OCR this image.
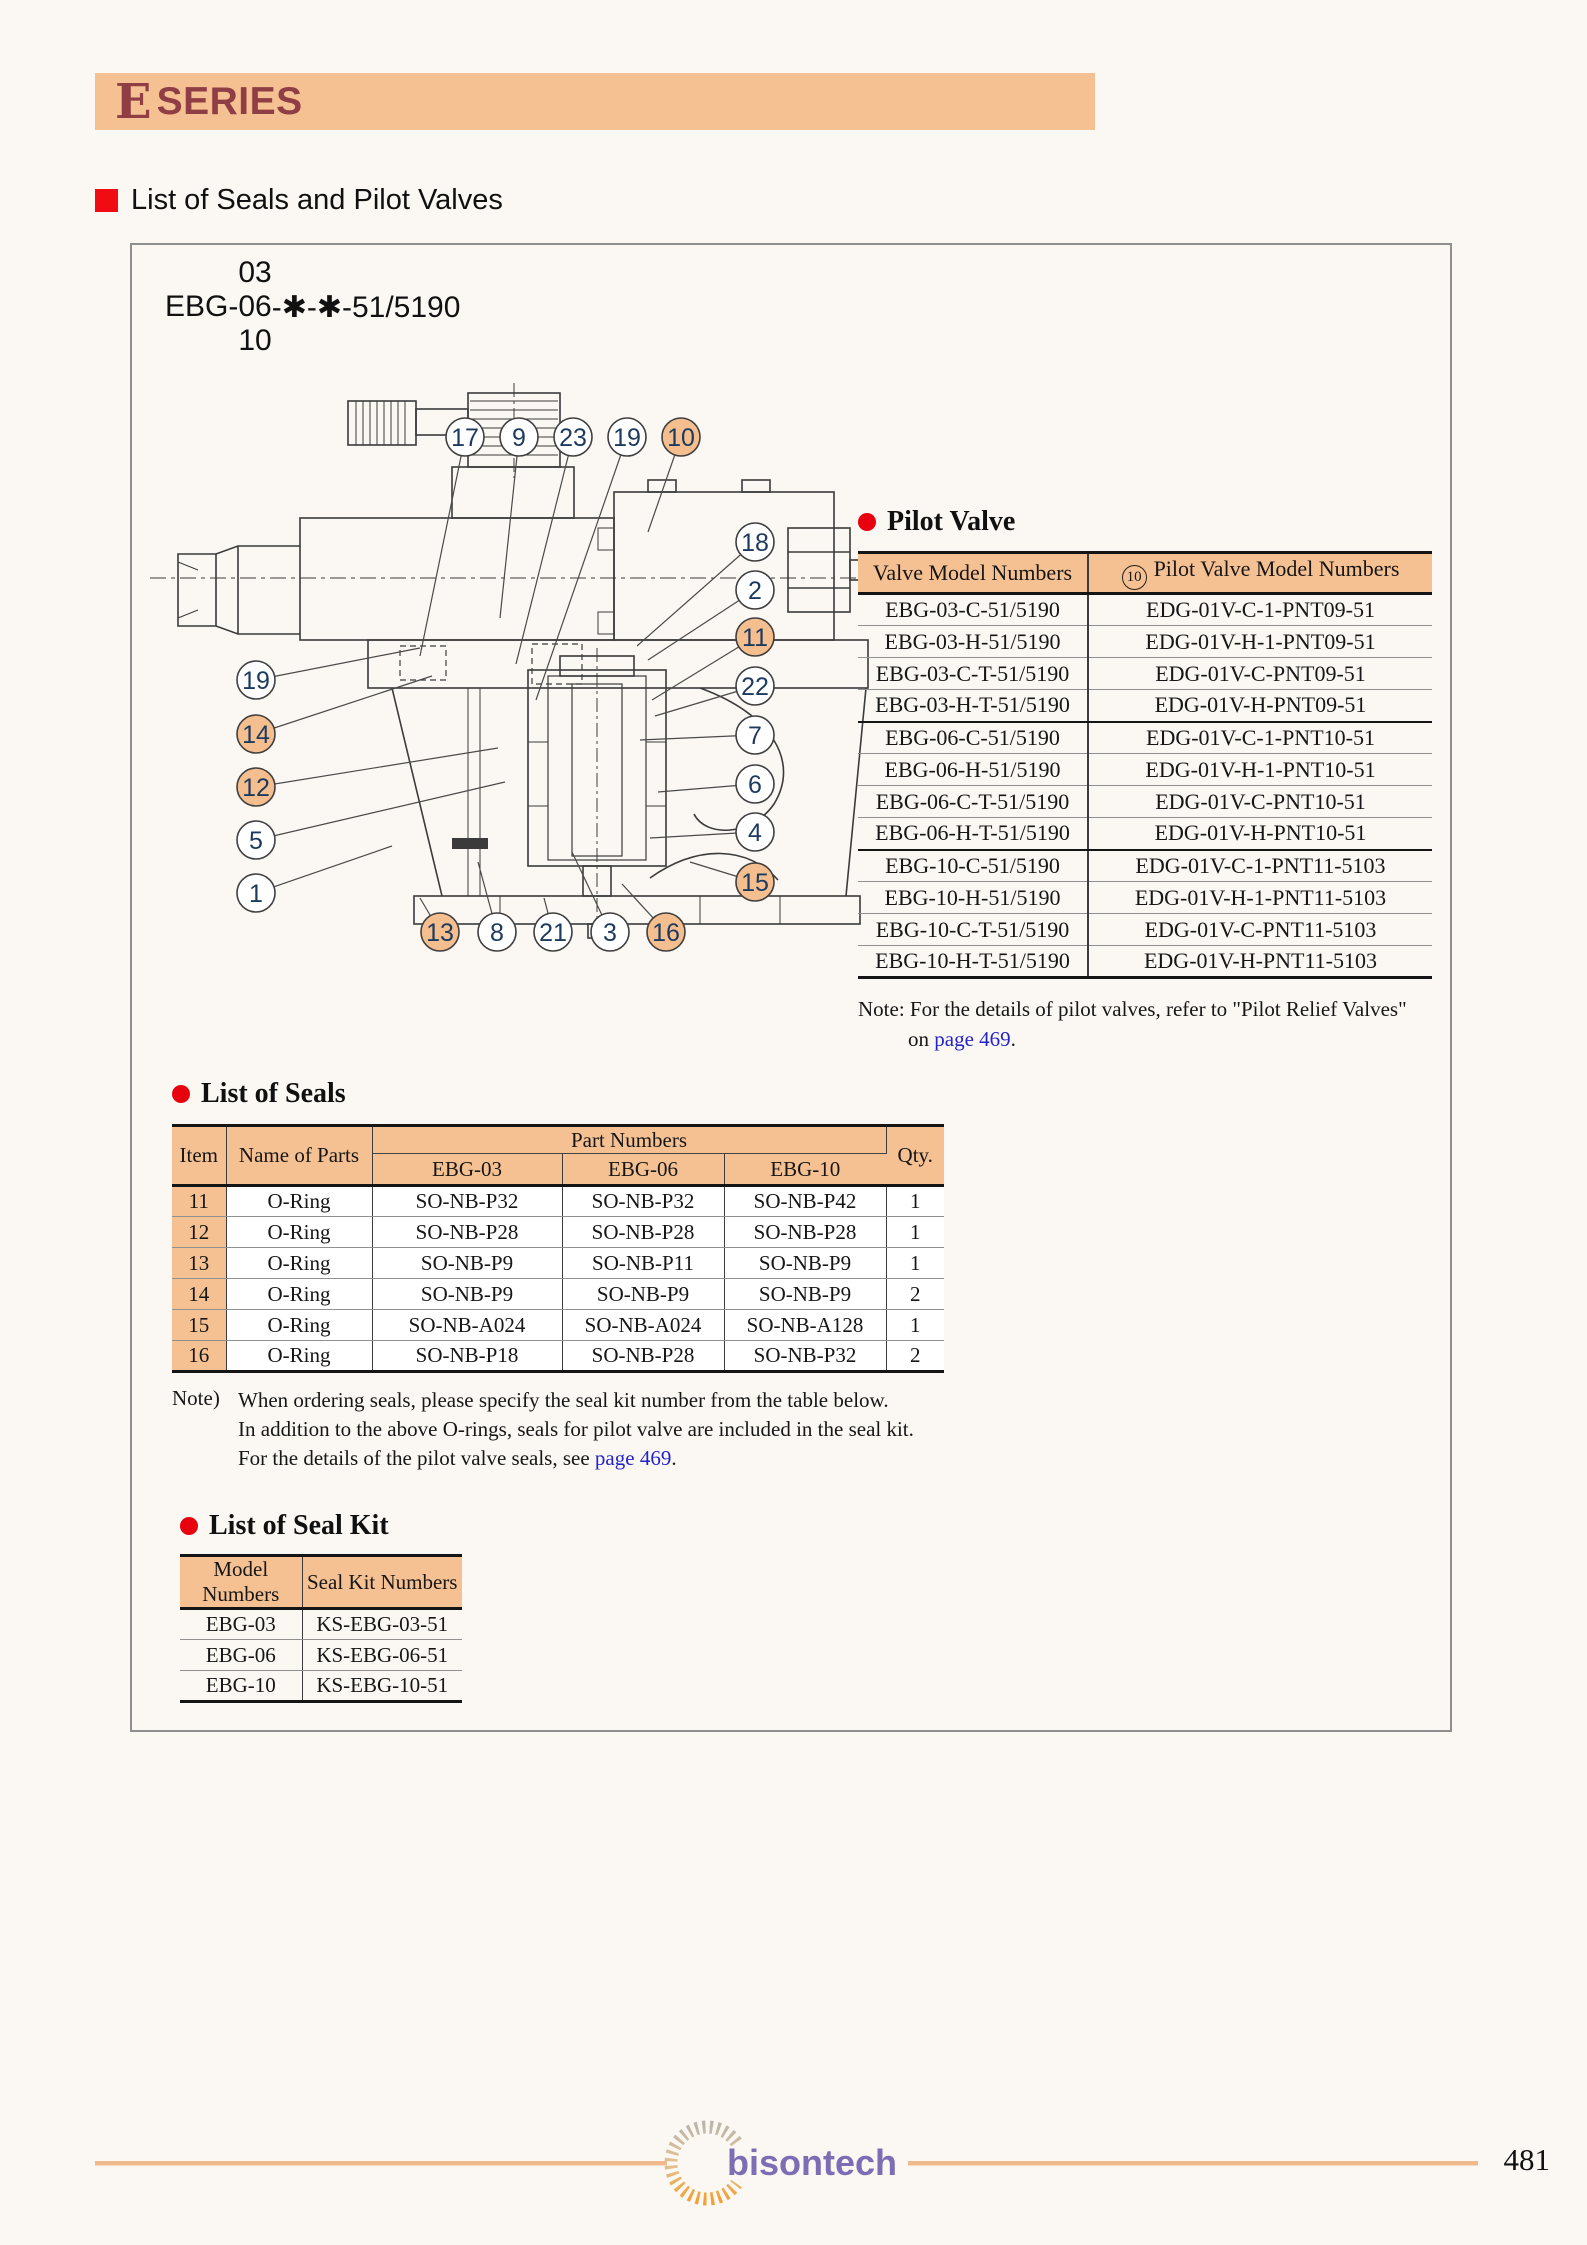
E SERIES
List of Seals and Pilot Valves
EBG-
03
06
10
-✱-✱-51/5190
17 9 23 19 10
18
2
11
22
7
6
4
15
19
14
12
5
1
13 8 21 3 16
Pilot Valve
Valve Model Numbers	10 Pilot Valve Model Numbers
EBG-03-C-51/5190	EDG-01V-C-1-PNT09-51
EBG-03-H-51/5190	EDG-01V-H-1-PNT09-51
EBG-03-C-T-51/5190	EDG-01V-C-PNT09-51
EBG-03-H-T-51/5190	EDG-01V-H-PNT09-51
EBG-06-C-51/5190	EDG-01V-C-1-PNT10-51
EBG-06-H-51/5190	EDG-01V-H-1-PNT10-51
EBG-06-C-T-51/5190	EDG-01V-C-PNT10-51
EBG-06-H-T-51/5190	EDG-01V-H-PNT10-51
EBG-10-C-51/5190	EDG-01V-C-1-PNT11-5103
EBG-10-H-51/5190	EDG-01V-H-1-PNT11-5103
EBG-10-C-T-51/5190	EDG-01V-C-PNT11-5103
EBG-10-H-T-51/5190	EDG-01V-H-PNT11-5103
Note: For the details of pilot valves, refer to "Pilot Relief Valves"
on page 469.
List of Seals
Item	Name of Parts	Part Numbers			Qty.
		EBG-03	EBG-06	EBG-10	
11	O-Ring	SO-NB-P32	SO-NB-P32	SO-NB-P42	1
12	O-Ring	SO-NB-P28	SO-NB-P28	SO-NB-P28	1
13	O-Ring	SO-NB-P9	SO-NB-P11	SO-NB-P9	1
14	O-Ring	SO-NB-P9	SO-NB-P9	SO-NB-P9	2
15	O-Ring	SO-NB-A024	SO-NB-A024	SO-NB-A128	1
16	O-Ring	SO-NB-P18	SO-NB-P28	SO-NB-P32	2
Note) When ordering seals, please specify the seal kit number from the table below.
In addition to the above O-rings, seals for pilot valve are included in the seal kit.
For the details of the pilot valve seals, see page 469.
List of Seal Kit
Model Numbers	Seal Kit Numbers
EBG-03	KS-EBG-03-51
EBG-06	KS-EBG-06-51
EBG-10	KS-EBG-10-51
bison tech	481
